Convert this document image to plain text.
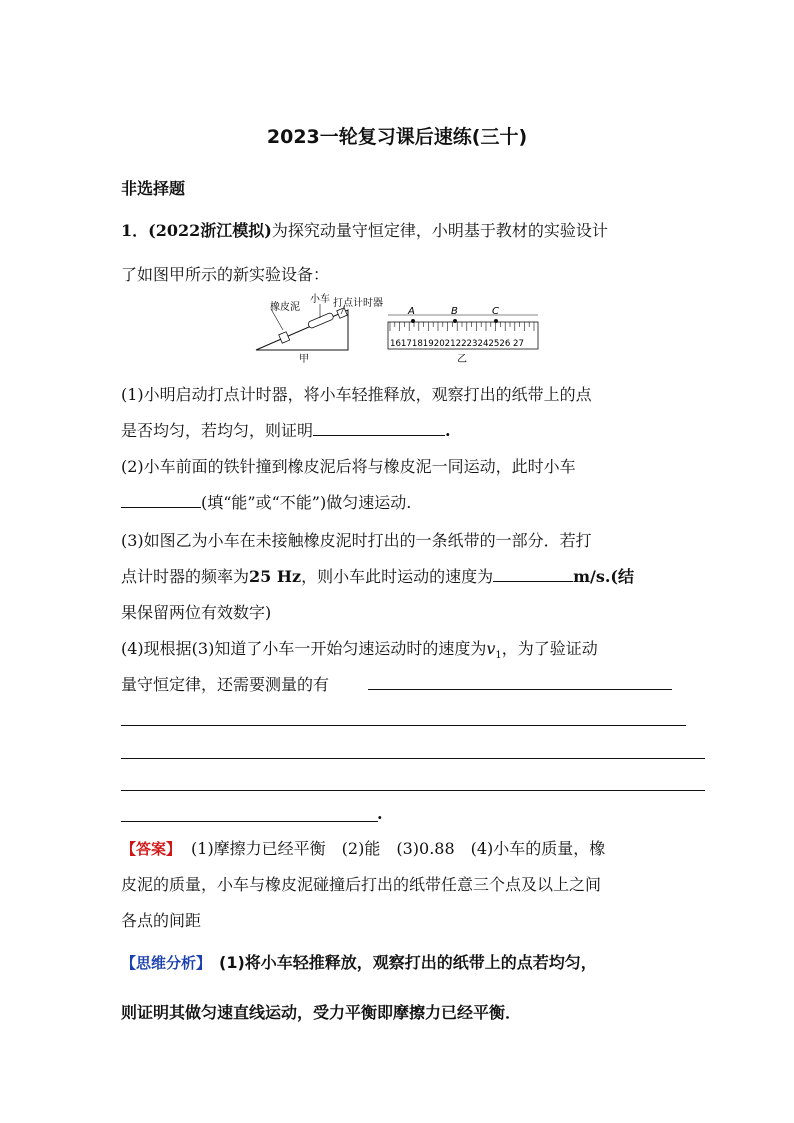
2023一轮复习课后速练(三十)
非选择题
1．(2022浙江模拟)为探究动量守恒定律，小明基于教材的实验设计
了如图甲所示的新实验设备：
橡皮泥
小车 打点计时器
甲
A	B	C
1617181920212223242526 27
乙
(1)小明启动打点计时器，将小车轻推释放，观察打出的纸带上的点
是否均匀，若均匀，则证明	.
(2)小车前面的铁针撞到橡皮泥后将与橡皮泥一同运动，此时小车
(填“能”或“不能”)做匀速运动.
(3)如图乙为小车在未接触橡皮泥时打出的一条纸带的一部分．若打
点计时器的频率为25 Hz，则小车此时运动的速度为	m/s.(结
果保留两位有效数字)
(4)现根据(3)知道了小车一开始匀速运动时的速度为$v_1$，为了验证动
量守恒定律，还需要测量的有
.
【答案】 (1)摩擦力已经平衡　(2)能　(3)0.88　(4)小车的质量，橡
皮泥的质量，小车与橡皮泥碰撞后打出的纸带任意三个点及以上之间
各点的间距
【思维分析】 (1)将小车轻推释放，观察打出的纸带上的点若均匀，
则证明其做匀速直线运动，受力平衡即摩擦力已经平衡．
